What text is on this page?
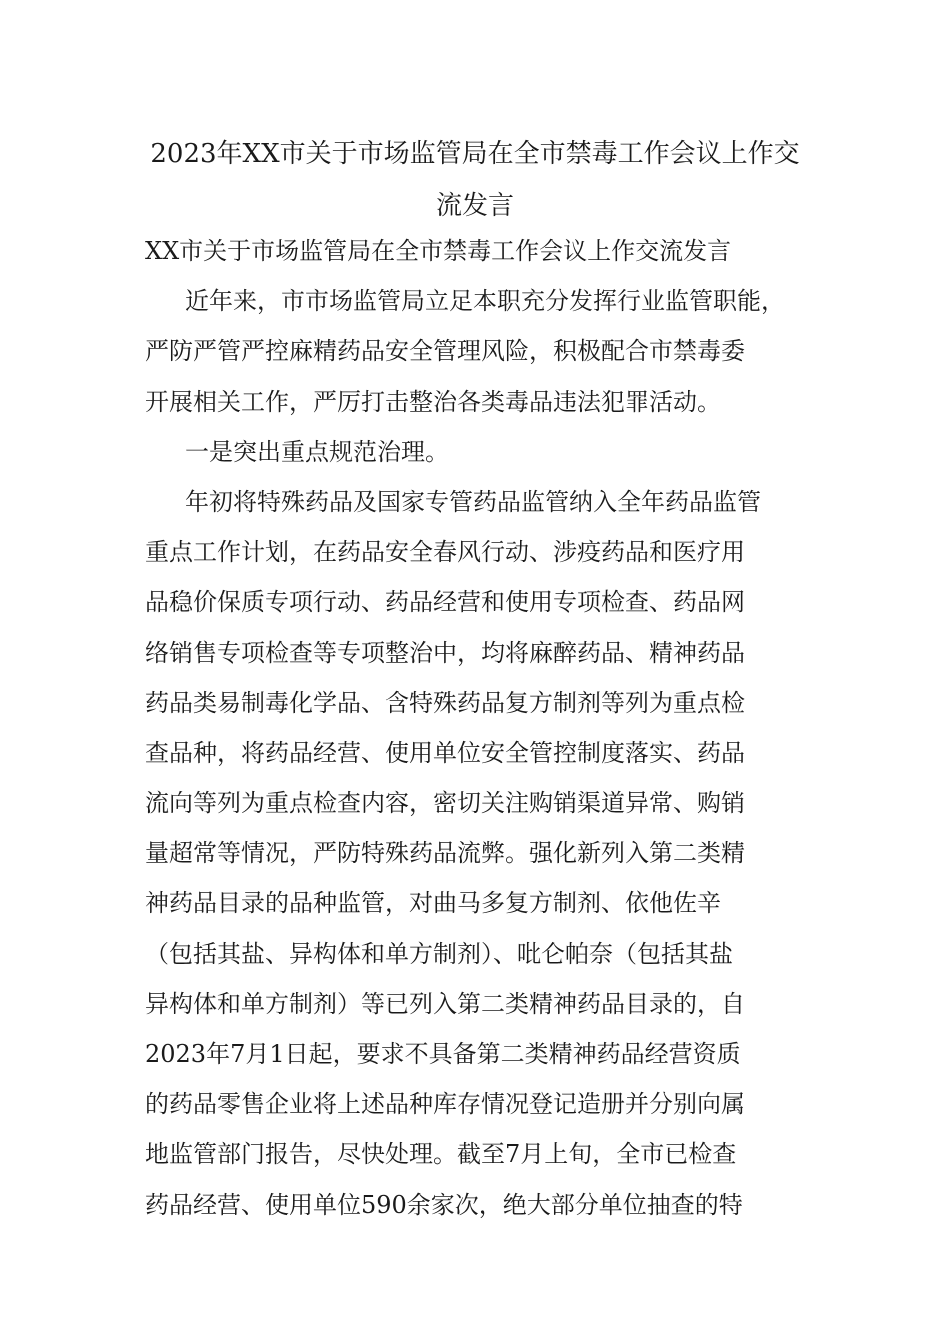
2023年XX市关于市场监管局在全市禁毒工作会议上作交
流发言
XX市关于市场监管局在全市禁毒工作会议上作交流发言
近年来，市市场监管局立足本职充分发挥行业监管职能，
严防严管严控麻精药品安全管理风险，积极配合市禁毒委
开展相关工作，严厉打击整治各类毒品违法犯罪活动。
一是突出重点规范治理。
年初将特殊药品及国家专管药品监管纳入全年药品监管
重点工作计划，在药品安全春风行动、涉疫药品和医疗用
品稳价保质专项行动、药品经营和使用专项检查、药品网
络销售专项检查等专项整治中，均将麻醉药品、精神药品
药品类易制毒化学品、含特殊药品复方制剂等列为重点检
查品种，将药品经营、使用单位安全管控制度落实、药品
流向等列为重点检查内容，密切关注购销渠道异常、购销
量超常等情况，严防特殊药品流弊。强化新列入第二类精
神药品目录的品种监管，对曲马多复方制剂、依他佐辛
（包括其盐、异构体和单方制剂）、吡仑帕奈（包括其盐
异构体和单方制剂）等已列入第二类精神药品目录的，自
2023年7月1日起，要求不具备第二类精神药品经营资质
的药品零售企业将上述品种库存情况登记造册并分别向属
地监管部门报告，尽快处理。截至7月上旬，全市已检查
药品经营、使用单位590余家次，绝大部分单位抽查的特
